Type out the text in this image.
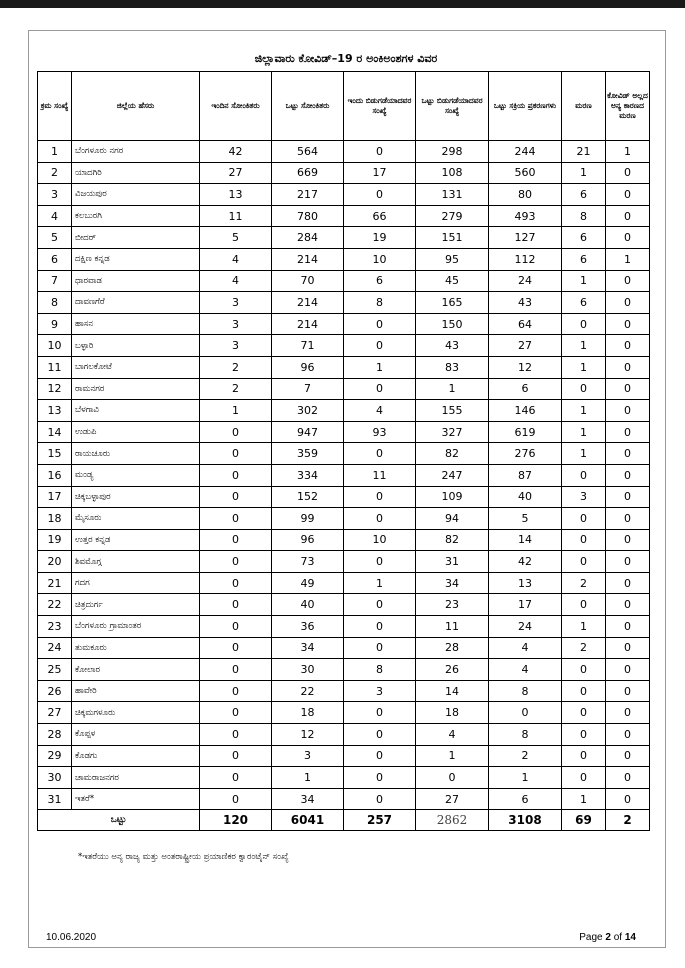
ಜಿಲ್ಲಾವಾರು ಕೋವಿಡ್–19 ರ ಅಂಕಿಅಂಶಗಳ ವಿವರ
ಕ್ರಮ ಸಂಖ್ಯೆ	ಜಿಲ್ಲೆಯ ಹೆಸರು	ಇಂದಿನ ಸೋಂಕಿತರು	ಒಟ್ಟು ಸೋಂಕಿತರು	ಇಂದು ಬಿಡುಗಡೆಯಾದವರ ಸಂಖ್ಯೆ	ಒಟ್ಟು ಬಿಡುಗಡೆಯಾದವರ ಸಂಖ್ಯೆ	ಒಟ್ಟು ಸಕ್ರಿಯ ಪ್ರಕರಣಗಳು	ಮರಣ	ಕೋವಿಡ್ ಅಲ್ಲದ ಅನ್ಯ ಕಾರಣದ ಮರಣ
1	ಬೆಂಗಳೂರು ನಗರ	42	564	0	298	244	21	1
2	ಯಾದಗಿರಿ	27	669	17	108	560	1	0
3	ವಿಜಯಪುರ	13	217	0	131	80	6	0
4	ಕಲಬುರಗಿ	11	780	66	279	493	8	0
5	ಬೀದರ್	5	284	19	151	127	6	0
6	ದಕ್ಷಿಣ ಕನ್ನಡ	4	214	10	95	112	6	1
7	ಧಾರವಾಡ	4	70	6	45	24	1	0
8	ದಾವಣಗೆರೆ	3	214	8	165	43	6	0
9	ಹಾಸನ	3	214	0	150	64	0	0
10	ಬಳ್ಳಾರಿ	3	71	0	43	27	1	0
11	ಬಾಗಲಕೋಟೆ	2	96	1	83	12	1	0
12	ರಾಮನಗರ	2	7	0	1	6	0	0
13	ಬೆಳಗಾವಿ	1	302	4	155	146	1	0
14	ಉಡುಪಿ	0	947	93	327	619	1	0
15	ರಾಯಚೂರು	0	359	0	82	276	1	0
16	ಮಂಡ್ಯ	0	334	11	247	87	0	0
17	ಚಿಕ್ಕಬಳ್ಳಾಪುರ	0	152	0	109	40	3	0
18	ಮೈಸೂರು	0	99	0	94	5	0	0
19	ಉತ್ತರ ಕನ್ನಡ	0	96	10	82	14	0	0
20	ಶಿವಮೊಗ್ಗ	0	73	0	31	42	0	0
21	ಗದಗ	0	49	1	34	13	2	0
22	ಚಿತ್ರದುರ್ಗ	0	40	0	23	17	0	0
23	ಬೆಂಗಳೂರು ಗ್ರಾಮಾಂತರ	0	36	0	11	24	1	0
24	ತುಮಕೂರು	0	34	0	28	4	2	0
25	ಕೋಲಾರ	0	30	8	26	4	0	0
26	ಹಾವೇರಿ	0	22	3	14	8	0	0
27	ಚಿಕ್ಕಮಗಳೂರು	0	18	0	18	0	0	0
28	ಕೊಪ್ಪಳ	0	12	0	4	8	0	0
29	ಕೊಡಗು	0	3	0	1	2	0	0
30	ಚಾಮರಾಜನಗರ	0	1	0	0	1	0	0
31	ಇತರೆ*	0	34	0	27	6	1	0
ಒಟ್ಟು		120	6041	257	2862	3108	69	2
*ಇತರೆಯು ಅನ್ಯ ರಾಜ್ಯ ಮತ್ತು ಅಂತರಾಷ್ಟ್ರೀಯ ಪ್ರಯಾಣಿಕರ ಕ್ವಾರಂಟೈನ್ ಸಂಖ್ಯೆ
10.06.2020	Page 2 of 14
